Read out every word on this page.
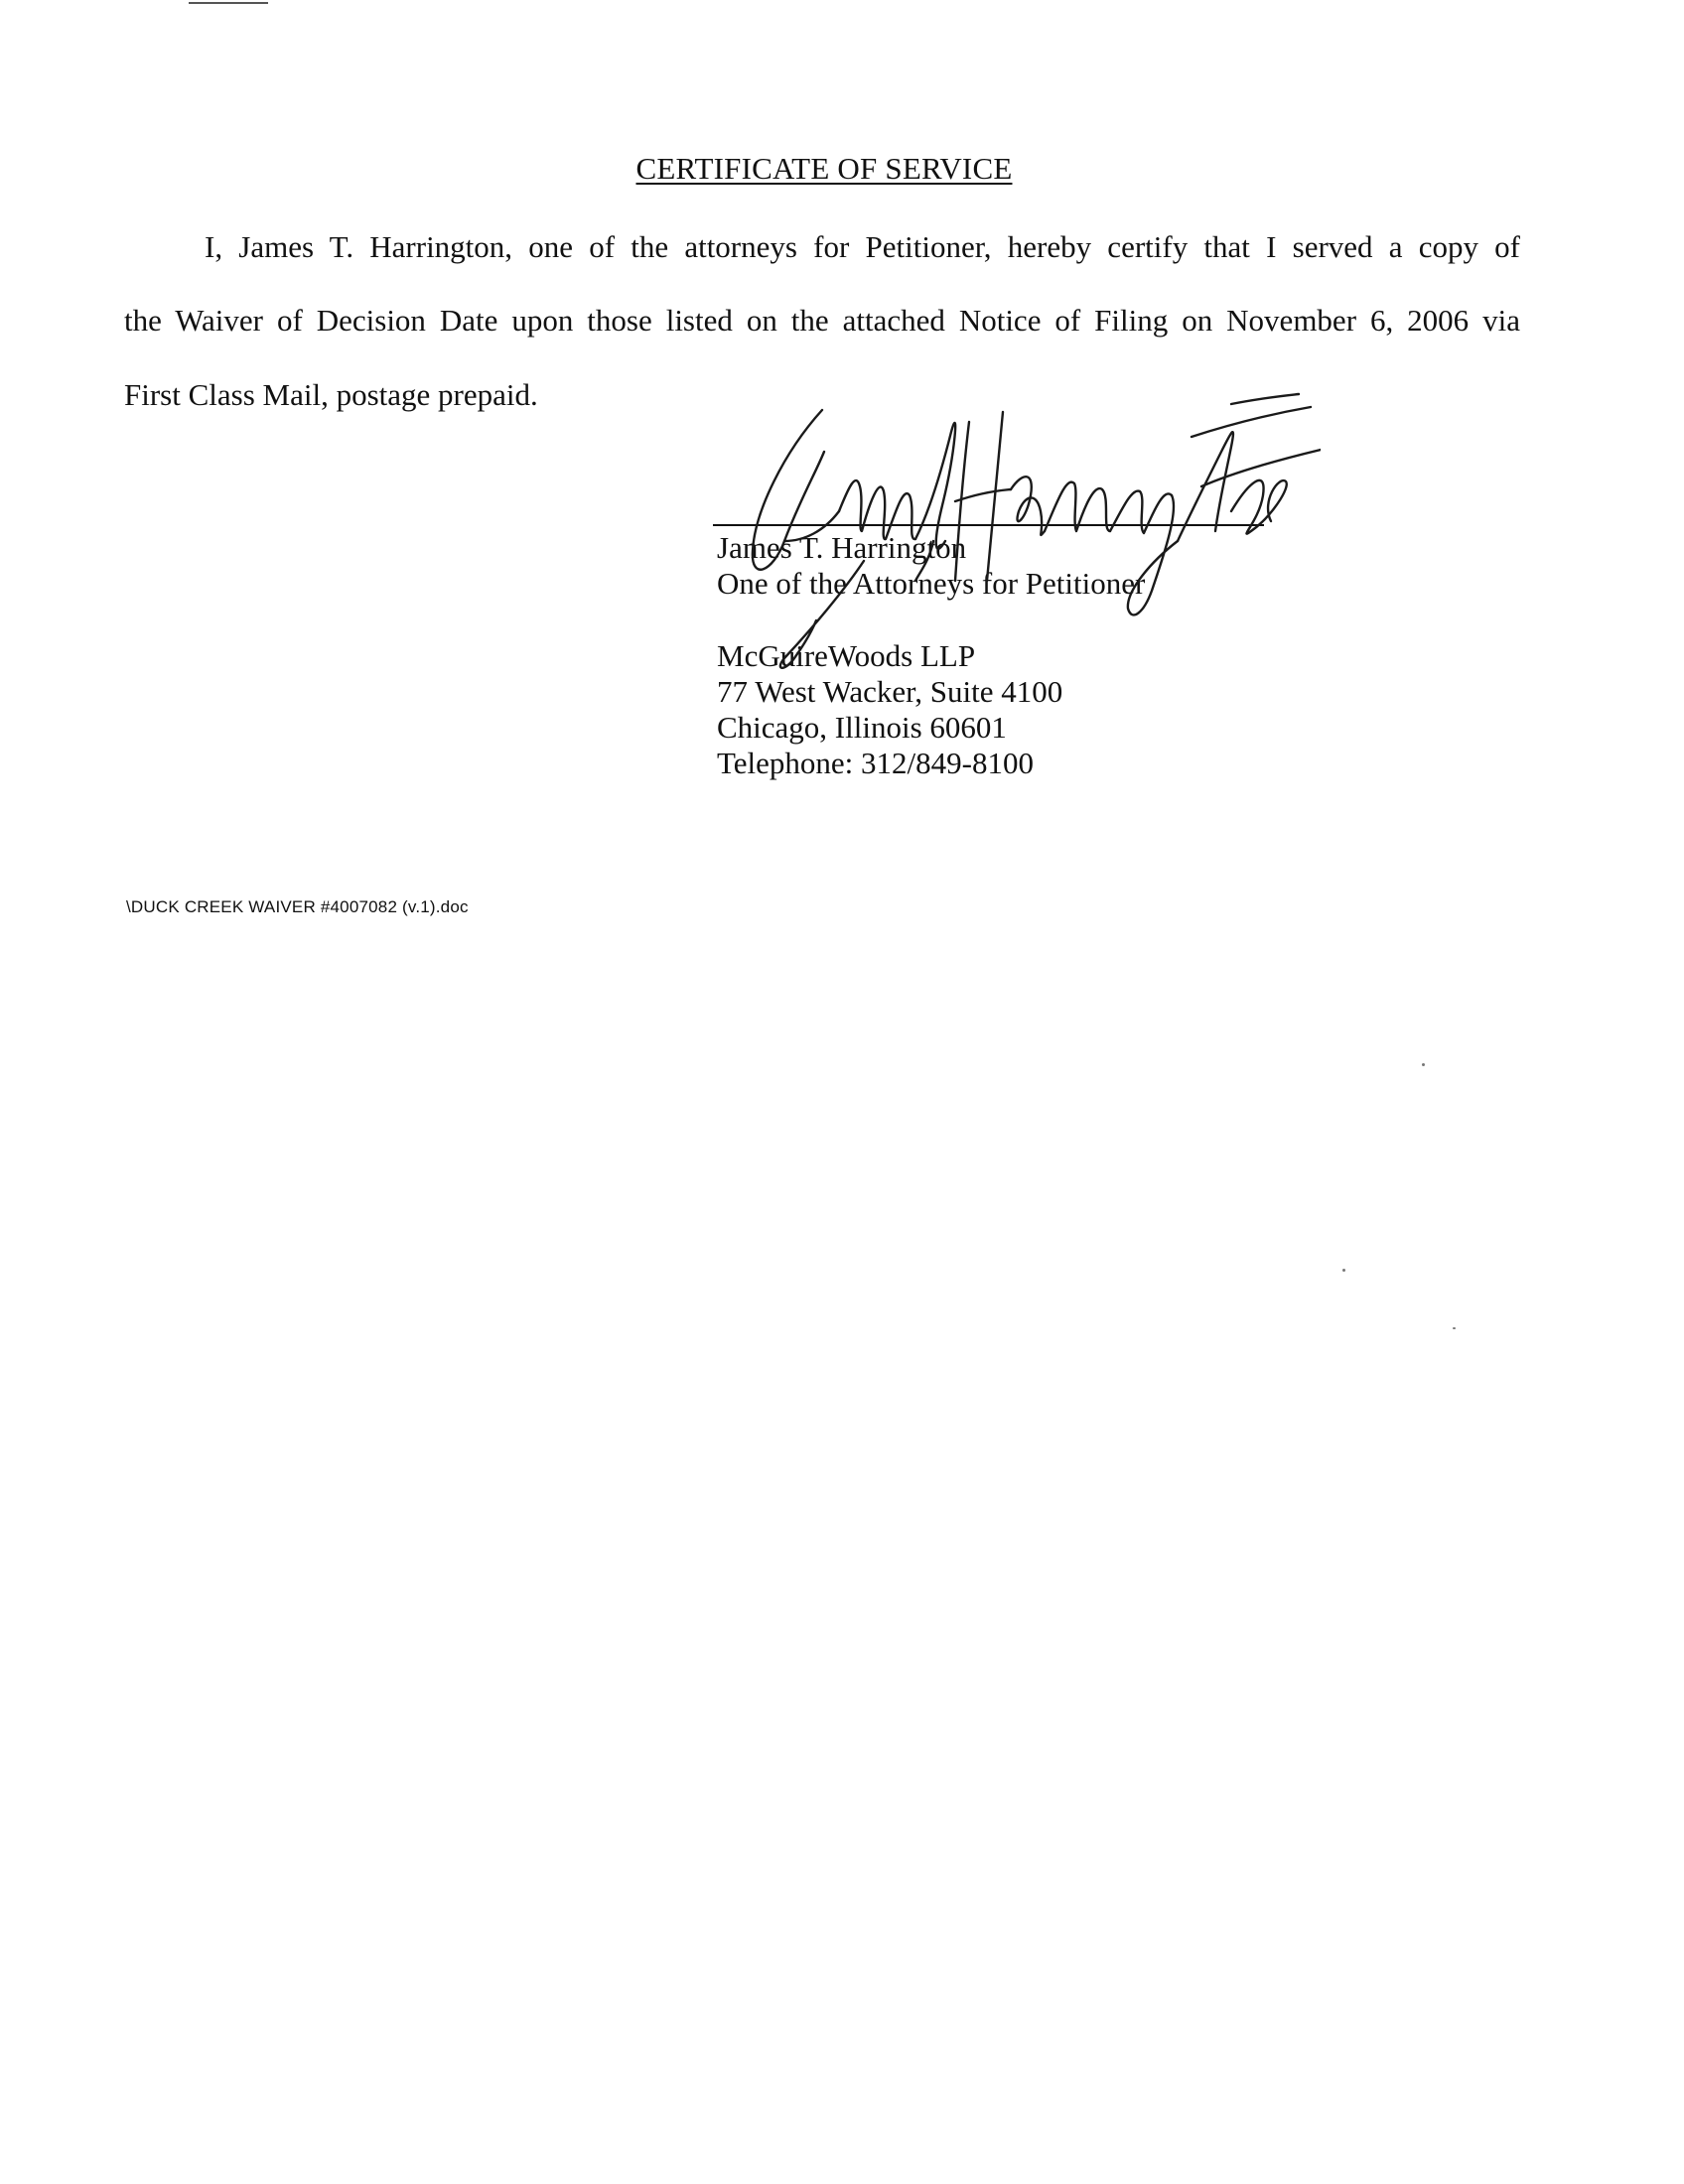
CERTIFICATE OF SERVICE
I, James T. Harrington, one of the attorneys for Petitioner, hereby certify that I served a copy of
the Waiver of Decision Date upon those listed on the attached Notice of Filing on November 6, 2006 via
First Class Mail, postage prepaid.
James T. Harrington
One of the Attorneys for Petitioner
McGuireWoods LLP
77 West Wacker, Suite 4100
Chicago, Illinois 60601
Telephone: 312/849-8100
\DUCK CREEK WAIVER #4007082 (v.1).doc
